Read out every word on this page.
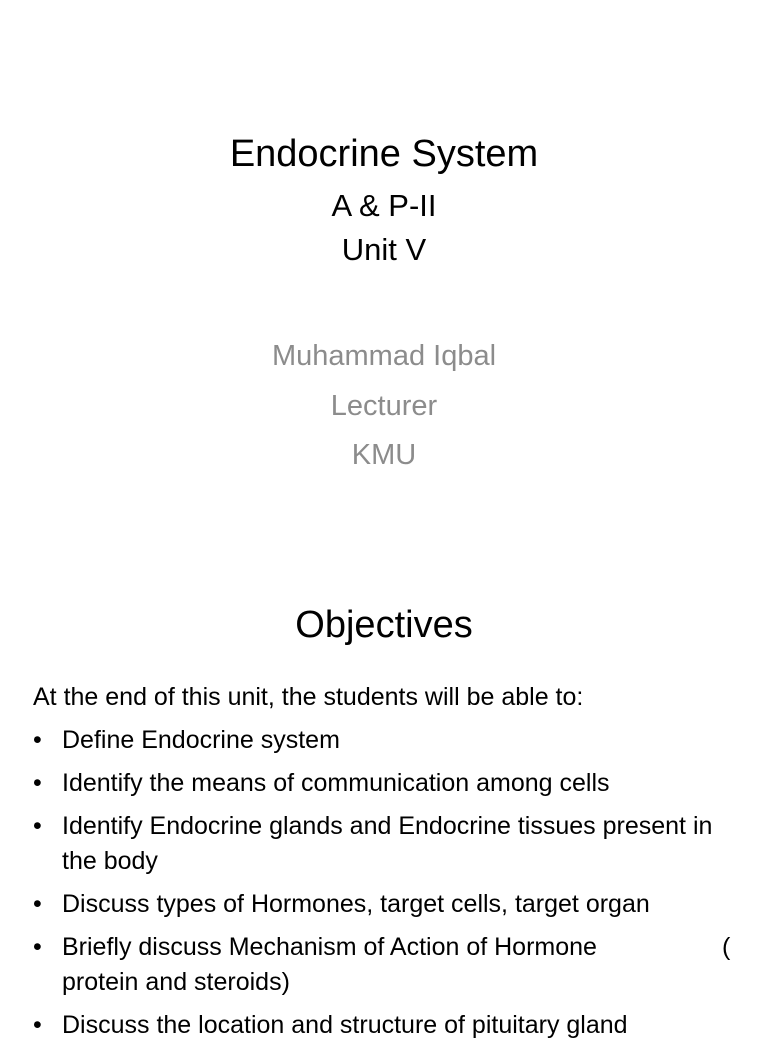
Endocrine System
A & P-II
Unit V
Muhammad Iqbal
Lecturer
KMU
Objectives
At the end of this unit, the students will be able to:
• Define Endocrine system
• Identify the means of communication among cells
• Identify Endocrine glands and Endocrine tissues present in the body
• Discuss types of Hormones, target cells, target organ
• Briefly discuss Mechanism of Action of Hormone                  ( protein and steroids)
• Discuss the location and structure of pituitary gland
